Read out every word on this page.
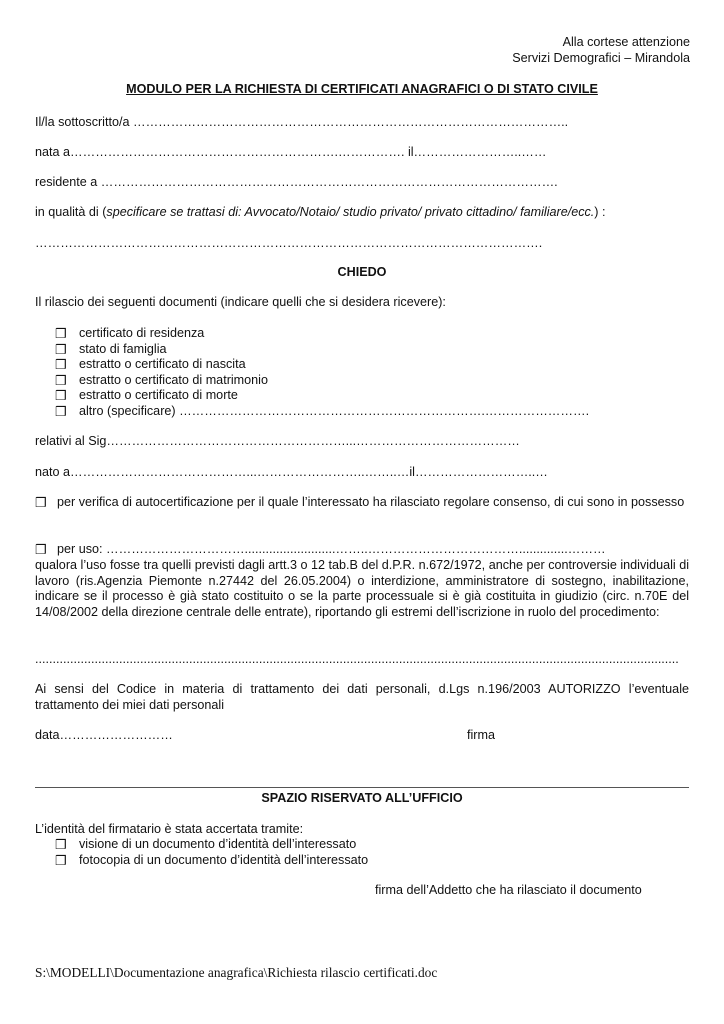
Alla cortese attenzione
Servizi Demografici – Mirandola
MODULO PER LA RICHIESTA DI CERTIFICATI ANAGRAFICI O DI STATO CIVILE
Il/la sottoscritto/a …………………………………………………………………………………………..
nata a……………………………………………………….……………. il……………………..……
residente a ……………………………………………………………………………………………….
in qualità di (specificare se trattasi di: Avvocato/Notaio/ studio privato/ privato cittadino/ familiare/ecc.) :
………………………………………………………………………………………………………….
CHIEDO
Il rilascio dei seguenti documenti (indicare quelli che si desidera ricevere):
❒ certificato di residenza
❒ stato di famiglia
❒ estratto o certificato di nascita
❒ estratto o certificato di matrimonio
❒ estratto o certificato di morte
❒ altro (specificare) ……………………………………………………………….…………………….
relativi al Sig…………………………………………………...…………………………………
nato a……………………………………...……………………..……..…il………………………..…
❒ per verifica di autocertificazione per il quale l’interessato ha rilasciato regolare consenso, di cui sono in possesso
❒ per uso: ……………………………..........................……..………………………………..............………
qualora l’uso fosse tra quelli previsti dagli artt.3 o 12 tab.B del d.P.R. n.672/1972, anche per controversie individuali di lavoro (ris.Agenzia Piemonte n.27442 del 26.05.2004) o interdizione, amministratore di sostegno, inabilitazione, indicare se il processo è già stato costituito o se la parte processuale si è già costituita in giudizio (circ. n.70E del 14/08/2002 della direzione centrale delle entrate), riportando gli estremi dell’iscrizione in ruolo del procedimento:
........................................................................................................................................................................................
Ai sensi del Codice in materia di trattamento dei dati personali, d.Lgs n.196/2003 AUTORIZZO l’eventuale trattamento dei miei dati personali
data………………………	firma
SPAZIO RISERVATO ALL’UFFICIO
L’identità del firmatario è stata accertata tramite:
❒ visione di un documento d’identità dell’interessato
❒ fotocopia di un documento d’identità dell’interessato
firma dell’Addetto che ha rilasciato il documento
S:\MODELLI\Documentazione anagrafica\Richiesta rilascio certificati.doc
